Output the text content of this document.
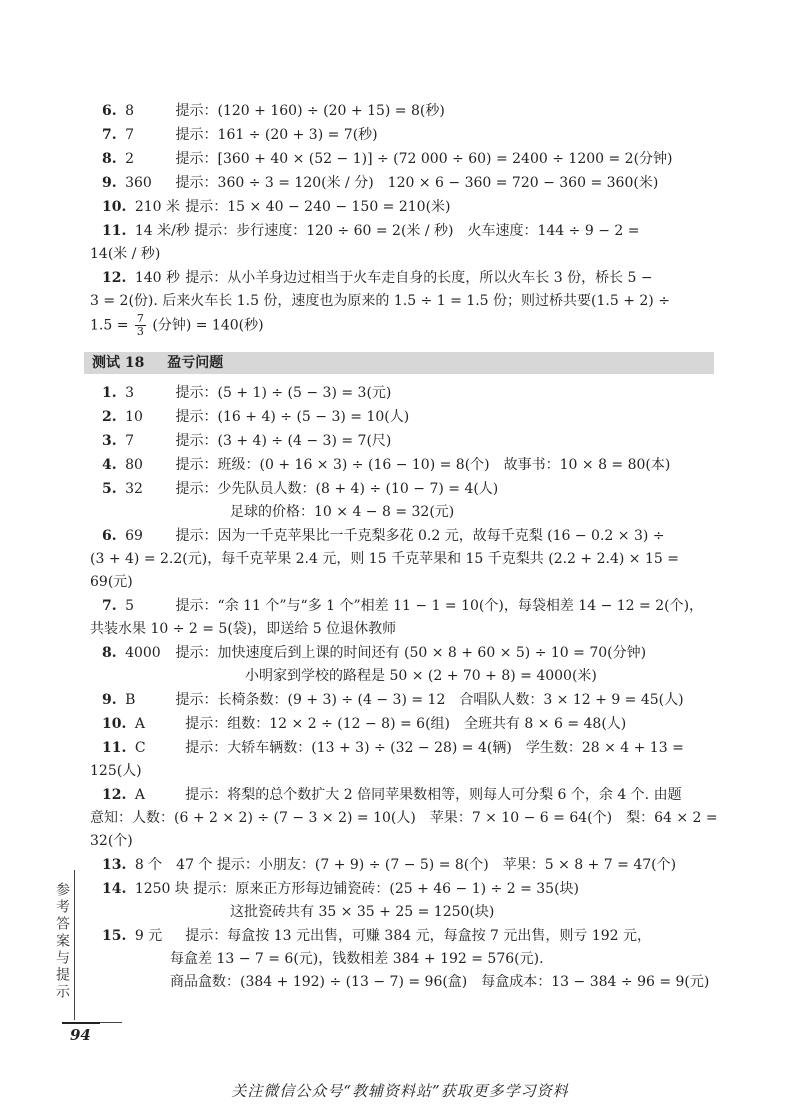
6. 8	提示：(120 + 160) ÷ (20 + 15) = 8(秒)
7. 7	提示：161 ÷ (20 + 3) = 7(秒)
8. 2	提示：[360 + 40 × (52 − 1)] ÷ (72 000 ÷ 60) = 2400 ÷ 1200 = 2(分钟)
9. 360 提示：360 ÷ 3 = 120(米 / 分)　120 × 6 − 360 = 720 − 360 = 360(米)
10. 210 米 提示：15 × 40 − 240 − 150 = 210(米)
11. 14 米/秒 提示：步行速度：120 ÷ 60 = 2(米 / 秒)　火车速度：144 ÷ 9 − 2 =
14(米 / 秒)
12. 140 秒 提示：从小羊身边过相当于火车走自身的长度，所以火车长 3 份，桥长 5 −
3 = 2(份). 后来火车长 1.5 份，速度也为原来的 1.5 ÷ 1 = 1.5 份；则过桥共要(1.5 + 2) ÷
$1.5 = \frac{7}{3}$ (分钟) = 140(秒)
测试 18 盈亏问题
1. 3	提示：(5 + 1) ÷ (5 − 3) = 3(元)
2. 10 提示：(16 + 4) ÷ (5 − 3) = 10(人)
3. 7	提示：(3 + 4) ÷ (4 − 3) = 7(尺)
4. 80 提示：班级：(0 + 16 × 3) ÷ (16 − 10) = 8(个)　故事书：10 × 8 = 80(本)
5. 32 提示：少先队员人数：(8 + 4) ÷ (10 − 7) = 4(人)
足球的价格：10 × 4 − 8 = 32(元)
6. 69 提示：因为一千克苹果比一千克梨多花 0.2 元，故每千克梨 (16 − 0.2 × 3) ÷
(3 + 4) = 2.2(元)，每千克苹果 2.4 元，则 15 千克苹果和 15 千克梨共 (2.2 + 2.4) × 15 =
69(元)
7. 5	提示：“余 11 个”与“多 1 个”相差 11 − 1 = 10(个)，每袋相差 14 − 12 = 2(个)，
共装水果 10 ÷ 2 = 5(袋)，即送给 5 位退休教师
8. 4000 提示：加快速度后到上课的时间还有 (50 × 8 + 60 × 5) ÷ 10 = 70(分钟)
小明家到学校的路程是 50 × (2 + 70 + 8) = 4000(米)
9. B	提示：长椅条数：(9 + 3) ÷ (4 − 3) = 12　合唱队人数：3 × 12 + 9 = 45(人)
10. A	提示：组数：12 × 2 ÷ (12 − 8) = 6(组)　全班共有 8 × 6 = 48(人)
11. C	提示：大轿车辆数：(13 + 3) ÷ (32 − 28) = 4(辆)　学生数：28 × 4 + 13 =
125(人)
12. A	提示：将梨的总个数扩大 2 倍同苹果数相等，则每人可分梨 6 个，余 4 个. 由题
意知：人数：(6 + 2 × 2) ÷ (7 − 3 × 2) = 10(人)　苹果：7 × 10 − 6 = 64(个)　梨：64 × 2 =
32(个)
13. 8 个　47 个 提示：小朋友：(7 + 9) ÷ (7 − 5) = 8(个)　苹果：5 × 8 + 7 = 47(个)
14. 1250 块 提示：原来正方形每边铺瓷砖：(25 + 46 − 1) ÷ 2 = 35(块)
这批瓷砖共有 35 × 35 + 25 = 1250(块)
15. 9 元 提示：每盒按 13 元出售，可赚 384 元，每盒按 7 元出售，则亏 192 元，
每盒差 13 − 7 = 6(元)，钱数相差 384 + 192 = 576(元).
商品盒数：(384 + 192) ÷ (13 − 7) = 96(盒)　每盒成本：13 − 384 ÷ 96 = 9(元)
参考答案与提示
94
关注微信公众号“教辅资料站”获取更多学习资料
